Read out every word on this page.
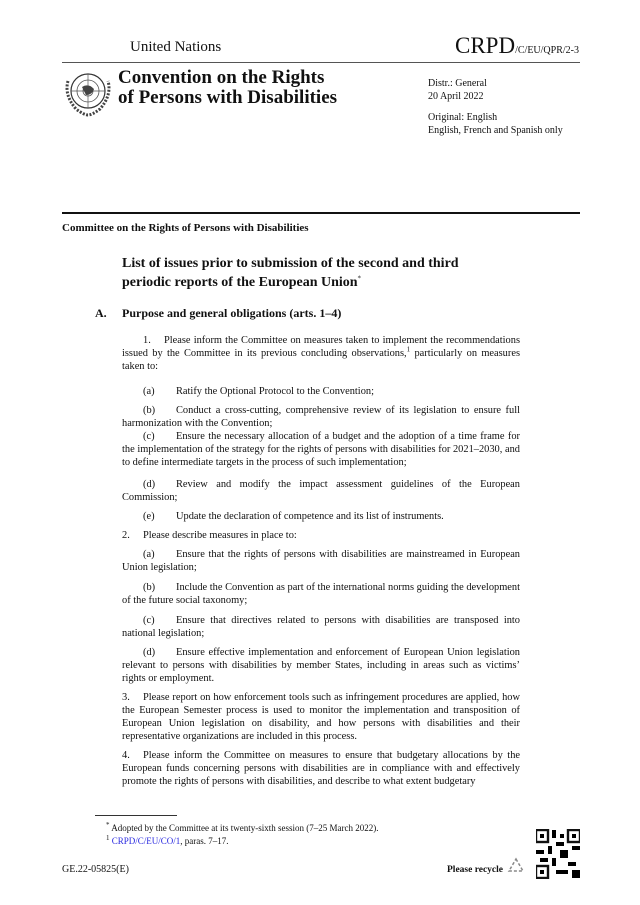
United Nations	CRPD/C/EU/QPR/2-3
Convention on the Rights
of Persons with Disabilities
Distr.: General
20 April 2022
Original: English
English, French and Spanish only
Committee on the Rights of Persons with Disabilities
List of issues prior to submission of the second and third
periodic reports of the European Union*
A. Purpose and general obligations (arts. 1–4)
1. Please inform the Committee on measures taken to implement the recommendations issued by the Committee in its previous concluding observations,$^1$ particularly on measures taken to:
(a) Ratify the Optional Protocol to the Convention;
(b) Conduct a cross-cutting, comprehensive review of its legislation to ensure full harmonization with the Convention;
(c) Ensure the necessary allocation of a budget and the adoption of a time frame for the implementation of the strategy for the rights of persons with disabilities for 2021–2030, and to define intermediate targets in the process of such implementation;
(d) Review and modify the impact assessment guidelines of the European Commission;
(e) Update the declaration of competence and its list of instruments.
2. Please describe measures in place to:
(a) Ensure that the rights of persons with disabilities are mainstreamed in European Union legislation;
(b) Include the Convention as part of the international norms guiding the development of the future social taxonomy;
(c) Ensure that directives related to persons with disabilities are transposed into national legislation;
(d) Ensure effective implementation and enforcement of European Union legislation relevant to persons with disabilities by member States, including in areas such as victims’ rights or employment.
3. Please report on how enforcement tools such as infringement procedures are applied, how the European Semester process is used to monitor the implementation and transposition of European Union legislation on disability, and how persons with disabilities and their representative organizations are included in this process.
4. Please inform the Committee on measures to ensure that budgetary allocations by the European funds concerning persons with disabilities are in compliance with and effectively promote the rights of persons with disabilities, and describe to what extent budgetary
* Adopted by the Committee at its twenty-sixth session (7–25 March 2022).
$^1$ CRPD/C/EU/CO/1, paras. 7–17.
GE.22-05825(E)	Please recycle
